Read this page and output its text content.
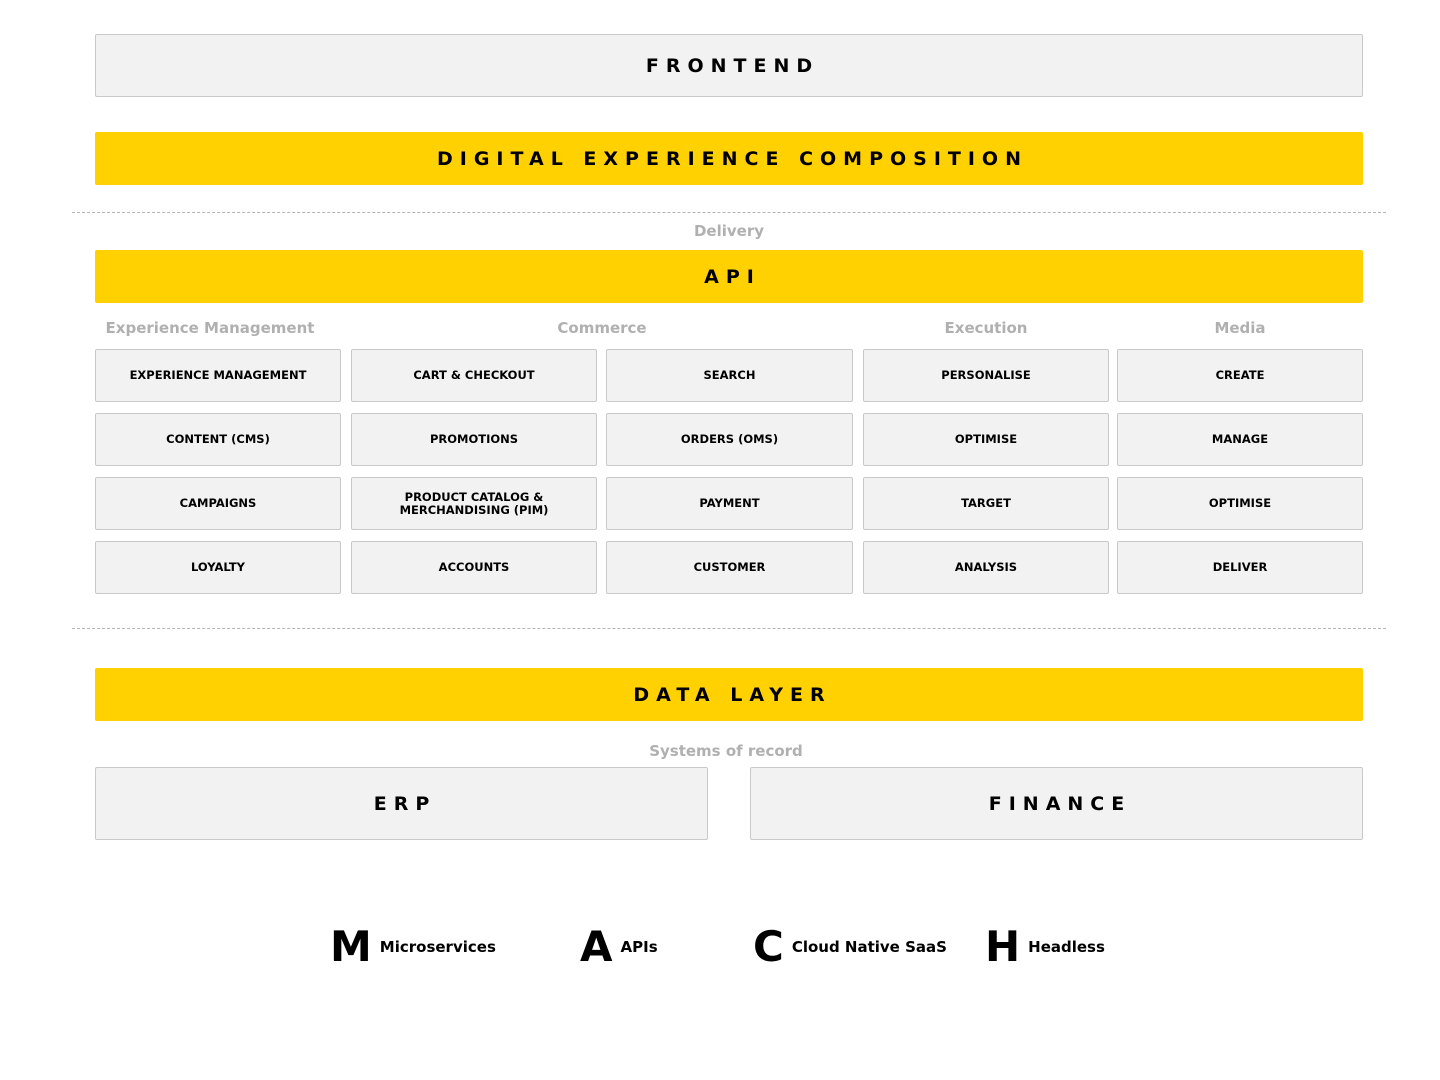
FRONTEND
DIGITAL EXPERIENCE COMPOSITION
Delivery
API
Experience Management	Commerce	Execution	Media
EXPERIENCE MANAGEMENT	CART & CHECKOUT	SEARCH	PERSONALISE	CREATE
CONTENT (CMS)	PROMOTIONS	ORDERS (OMS)	OPTIMISE	MANAGE
CAMPAIGNS	PRODUCT CATALOG & MERCHANDISING (PIM)	PAYMENT	TARGET	OPTIMISE
LOYALTY	ACCOUNTS	CUSTOMER	ANALYSIS	DELIVER
DATA LAYER
Systems of record
ERP	FINANCE
M Microservices A APIs C Cloud Native SaaS H Headless
